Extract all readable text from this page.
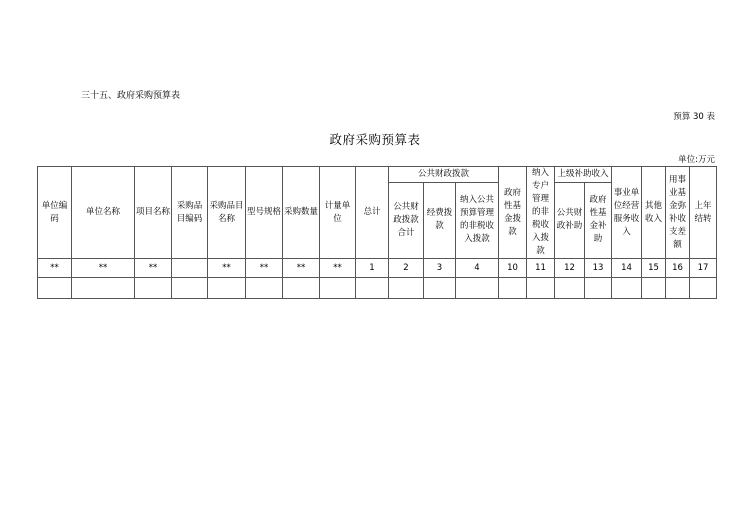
三十五、政府采购预算表
预算 30 表
政府采购预算表
单位:万元
单位编码	单位名称	项目名称	采购品目编码	采购品目名称	型号规格	采购数量	计量单位	总计	公共财政拨款			政府性基金拨款	纳入专户管理的非税收入拨款	上级补助收入		事业单位经营服务收入	其他收入	用事业基金弥补收支差额	上年结转
									公共财政拨款合计	经费拨款	纳入公共预算管理的非税收入拨款			公共财政补助	政府性基金补助				
**	**	**		**	**	**	**	1	2	3	4	10	11	12	13	14	15	16	17
